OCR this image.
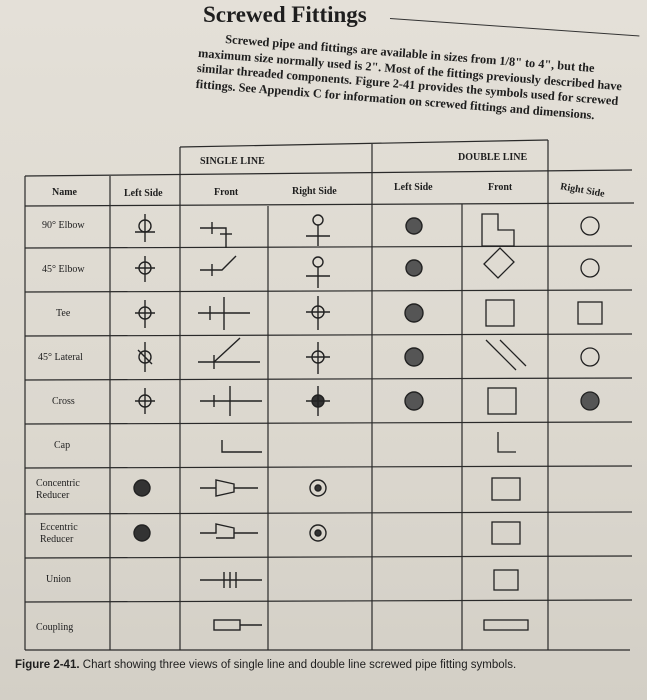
Screwed Fittings

Screwed pipe and fittings are available in sizes from 1/8" to 4", but the maximum size normally used is 2". Most of the fittings previously described have similar threaded components. Figure 2-41 provides the symbols used for screwed fittings. See Appendix C for information on screwed fittings and dimensions.

SINGLE LINE	DOUBLE LINE
Name	Left Side	Front	Right Side	Left Side	Front	Right Side
90° Elbow
45° Elbow
Tee
45° Lateral
Cross
Cap
Concentric Reducer
Eccentric Reducer
Union
Coupling
Figure 2-41. Chart showing three views of single line and double line screwed pipe fitting symbols.
